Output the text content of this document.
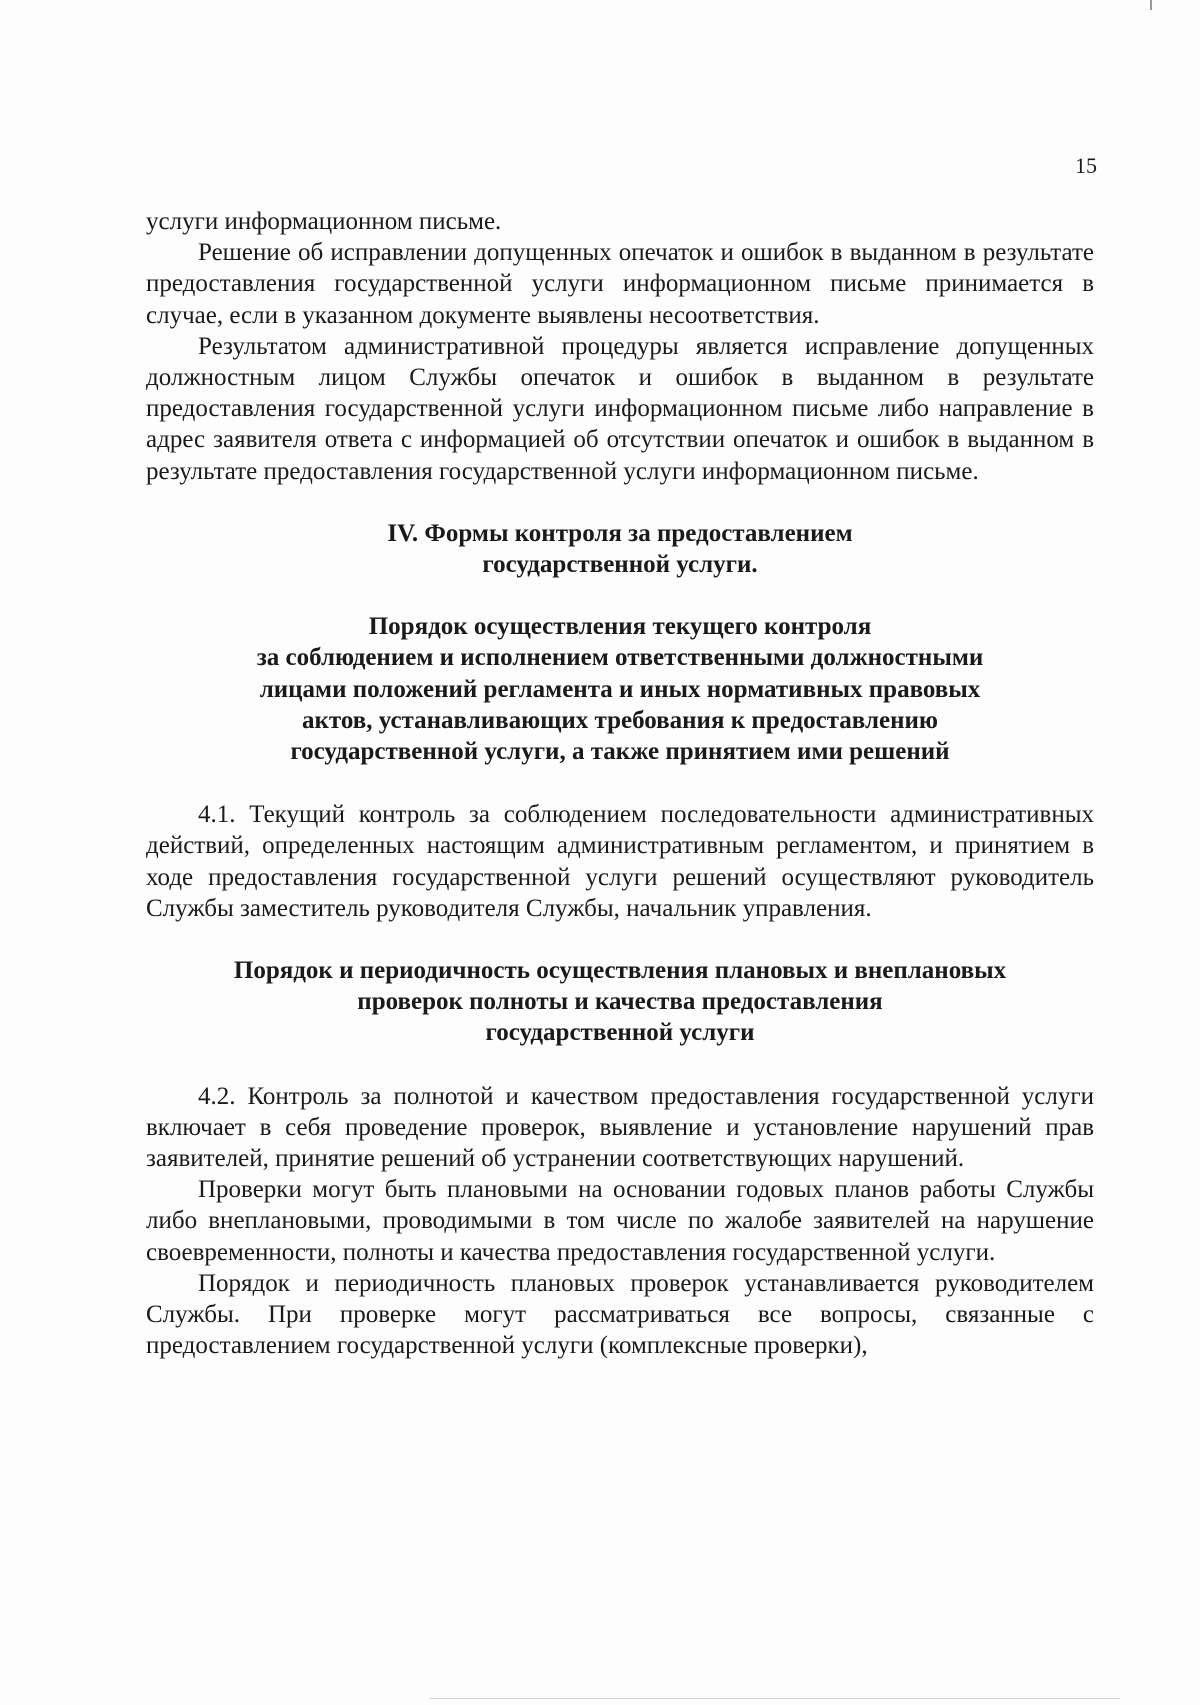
15

услуги информационном письме.

Решение об исправлении допущенных опечаток и ошибок в выданном в результате предоставления государственной услуги информационном письме принимается в случае, если в указанном документе выявлены несоответствия.

Результатом административной процедуры является исправление допущенных должностным лицом Службы опечаток и ошибок в выданном в результате предоставления государственной услуги информационном письме либо направление в адрес заявителя ответа с информацией об отсутствии опечаток и ошибок в выданном в результате предоставления государственной услуги информационном письме.

IV. Формы контроля за предоставлением
государственной услуги.
Порядок осуществления текущего контроля
за соблюдением и исполнением ответственными должностными
лицами положений регламента и иных нормативных правовых
актов, устанавливающих требования к предоставлению
государственной услуги, а также принятием ими решений

4.1. Текущий контроль за соблюдением последовательности административных действий, определенных настоящим административным регламентом, и принятием в ходе предоставления государственной услуги решений осуществляют руководитель Службы заместитель руководителя Службы, начальник управления.

Порядок и периодичность осуществления плановых и внеплановых
проверок полноты и качества предоставления
государственной услуги

4.2. Контроль за полнотой и качеством предоставления государственной услуги включает в себя проведение проверок, выявление и установление нарушений прав заявителей, принятие решений об устранении соответствующих нарушений.

Проверки могут быть плановыми на основании годовых планов работы Службы либо внеплановыми, проводимыми в том числе по жалобе заявителей на нарушение своевременности, полноты и качества предоставления государственной услуги.

Порядок и периодичность плановых проверок устанавливается руководителем Службы. При проверке могут рассматриваться все вопросы, связанные с предоставлением государственной услуги (комплексные проверки),
